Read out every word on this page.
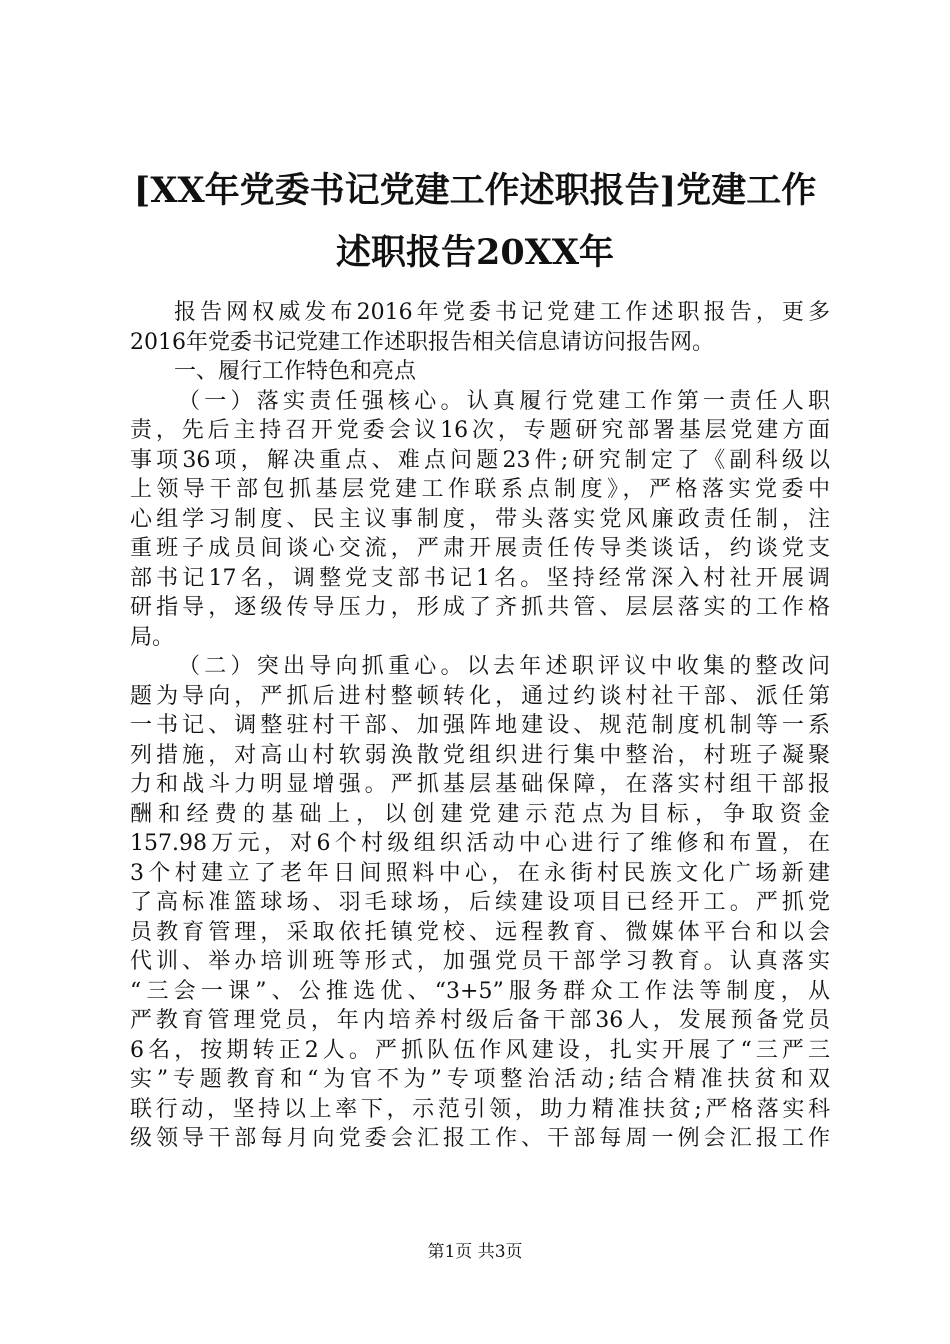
[XX年党委书记党建工作述职报告]党建工作
述职报告20XX年
报告网权威发布2016年党委书记党建工作述职报告，更多
2016年党委书记党建工作述职报告相关信息请访问报告网。
一、履行工作特色和亮点
（一）落实责任强核心。认真履行党建工作第一责任人职
责，先后主持召开党委会议16次，专题研究部署基层党建方面
事项36项，解决重点、难点问题23件;研究制定了《副科级以
上领导干部包抓基层党建工作联系点制度》，严格落实党委中
心组学习制度、民主议事制度，带头落实党风廉政责任制，注
重班子成员间谈心交流，严肃开展责任传导类谈话，约谈党支
部书记17名，调整党支部书记1名。坚持经常深入村社开展调
研指导，逐级传导压力，形成了齐抓共管、层层落实的工作格
局。
（二）突出导向抓重心。以去年述职评议中收集的整改问
题为导向，严抓后进村整顿转化，通过约谈村社干部、派任第
一书记、调整驻村干部、加强阵地建设、规范制度机制等一系
列措施，对高山村软弱涣散党组织进行集中整治，村班子凝聚
力和战斗力明显增强。严抓基层基础保障，在落实村组干部报
酬和经费的基础上，以创建党建示范点为目标，争取资金
157.98万元，对6个村级组织活动中心进行了维修和布置，在
3个村建立了老年日间照料中心，在永街村民族文化广场新建
了高标准篮球场、羽毛球场，后续建设项目已经开工。严抓党
员教育管理，采取依托镇党校、远程教育、微媒体平台和以会
代训、举办培训班等形式，加强党员干部学习教育。认真落实
“三会一课”、公推选优、“3+5”服务群众工作法等制度，从
严教育管理党员，年内培养村级后备干部36人，发展预备党员
6名，按期转正2人。严抓队伍作风建设，扎实开展了“三严三
实”专题教育和“为官不为”专项整治活动;结合精准扶贫和双
联行动，坚持以上率下，示范引领，助力精准扶贫;严格落实科
级领导干部每月向党委会汇报工作、干部每周一例会汇报工作
第1页 共3页
